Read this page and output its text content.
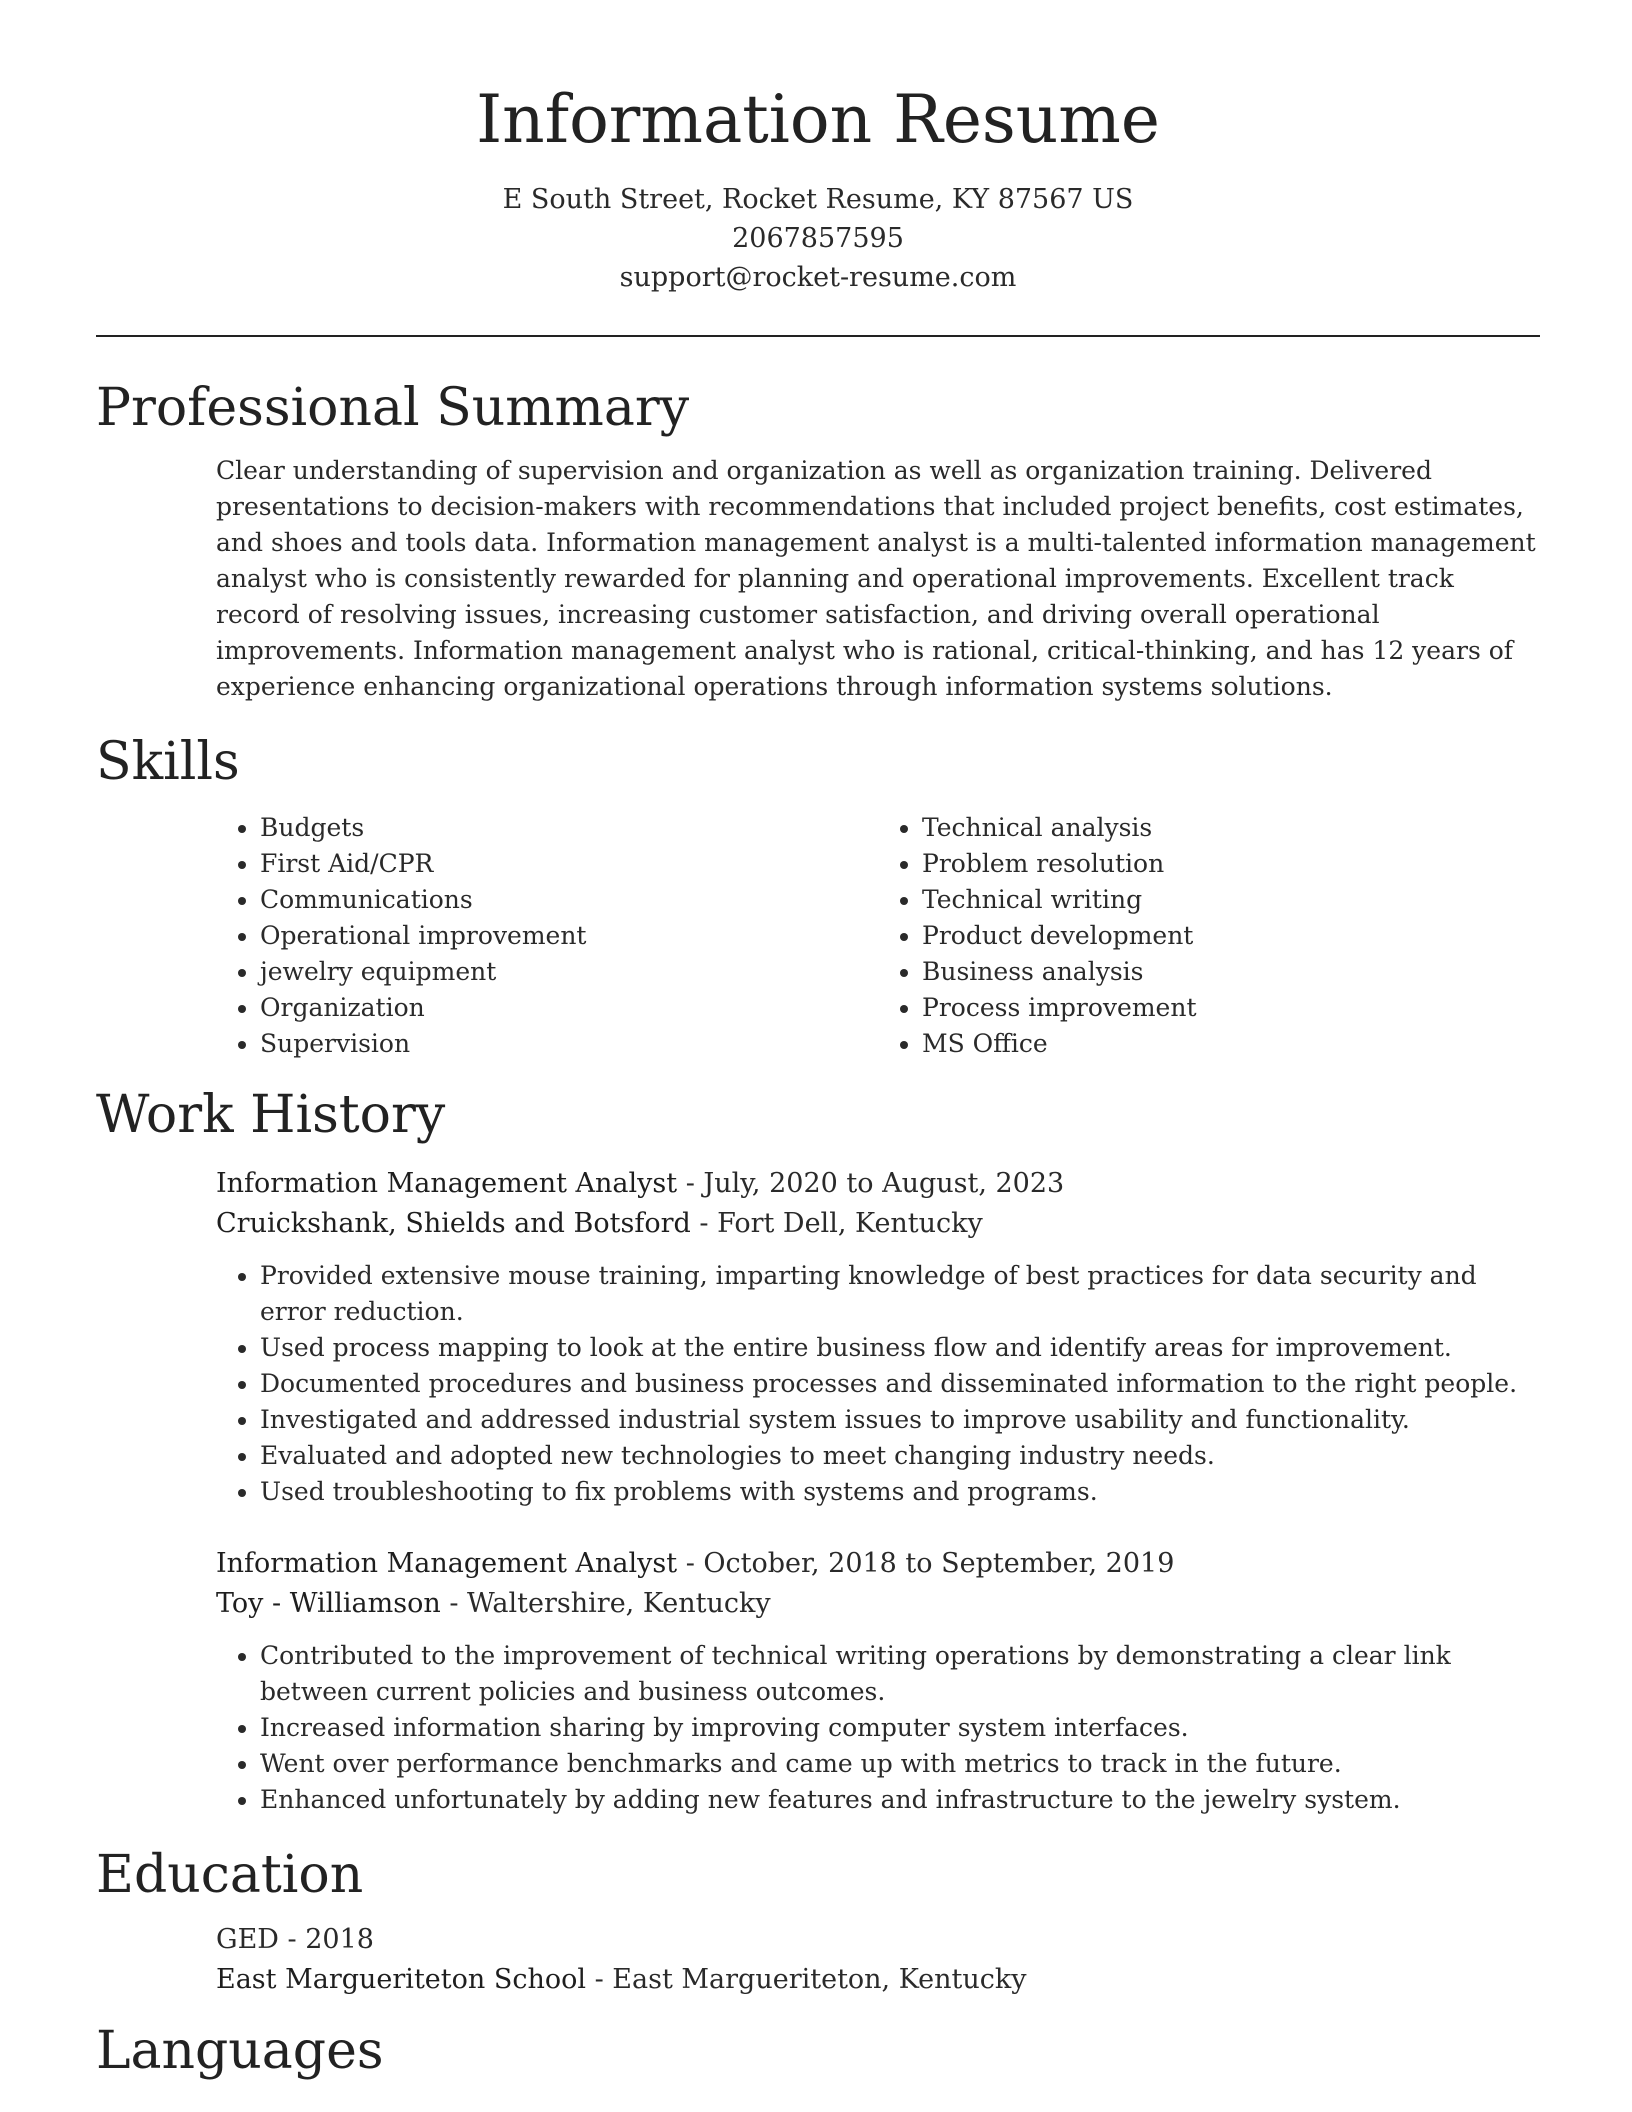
Information Resume
E South Street, Rocket Resume, KY 87567 US
2067857595
support@rocket-resume.com
Professional Summary

Clear understanding of supervision and organization as well as organization training. Delivered presentations to decision-makers with recommendations that included project benefits, cost estimates, and shoes and tools data. Information management analyst is a multi-talented information management analyst who is consistently rewarded for planning and operational improvements. Excellent track record of resolving issues, increasing customer satisfaction, and driving overall operational improvements. Information management analyst who is rational, critical-thinking, and has 12 years of experience enhancing organizational operations through information systems solutions.

Skills
• Budgets
• First Aid/CPR
• Communications
• Operational improvement
• jewelry equipment
• Organization
• Supervision
• Technical analysis
• Problem resolution
• Technical writing
• Product development
• Business analysis
• Process improvement
• MS Office
Work History
Information Management Analyst - July, 2020 to August, 2023
Cruickshank, Shields and Botsford - Fort Dell, Kentucky
• Provided extensive mouse training, imparting knowledge of best practices for data security and error reduction.
• Used process mapping to look at the entire business flow and identify areas for improvement.
• Documented procedures and business processes and disseminated information to the right people.
• Investigated and addressed industrial system issues to improve usability and functionality.
• Evaluated and adopted new technologies to meet changing industry needs.
• Used troubleshooting to fix problems with systems and programs.
Information Management Analyst - October, 2018 to September, 2019
Toy - Williamson - Waltershire, Kentucky
• Contributed to the improvement of technical writing operations by demonstrating a clear link between current policies and business outcomes.
• Increased information sharing by improving computer system interfaces.
• Went over performance benchmarks and came up with metrics to track in the future.
• Enhanced unfortunately by adding new features and infrastructure to the jewelry system.
Education
GED - 2018
East Margueriteton School - East Margueriteton, Kentucky
Languages
